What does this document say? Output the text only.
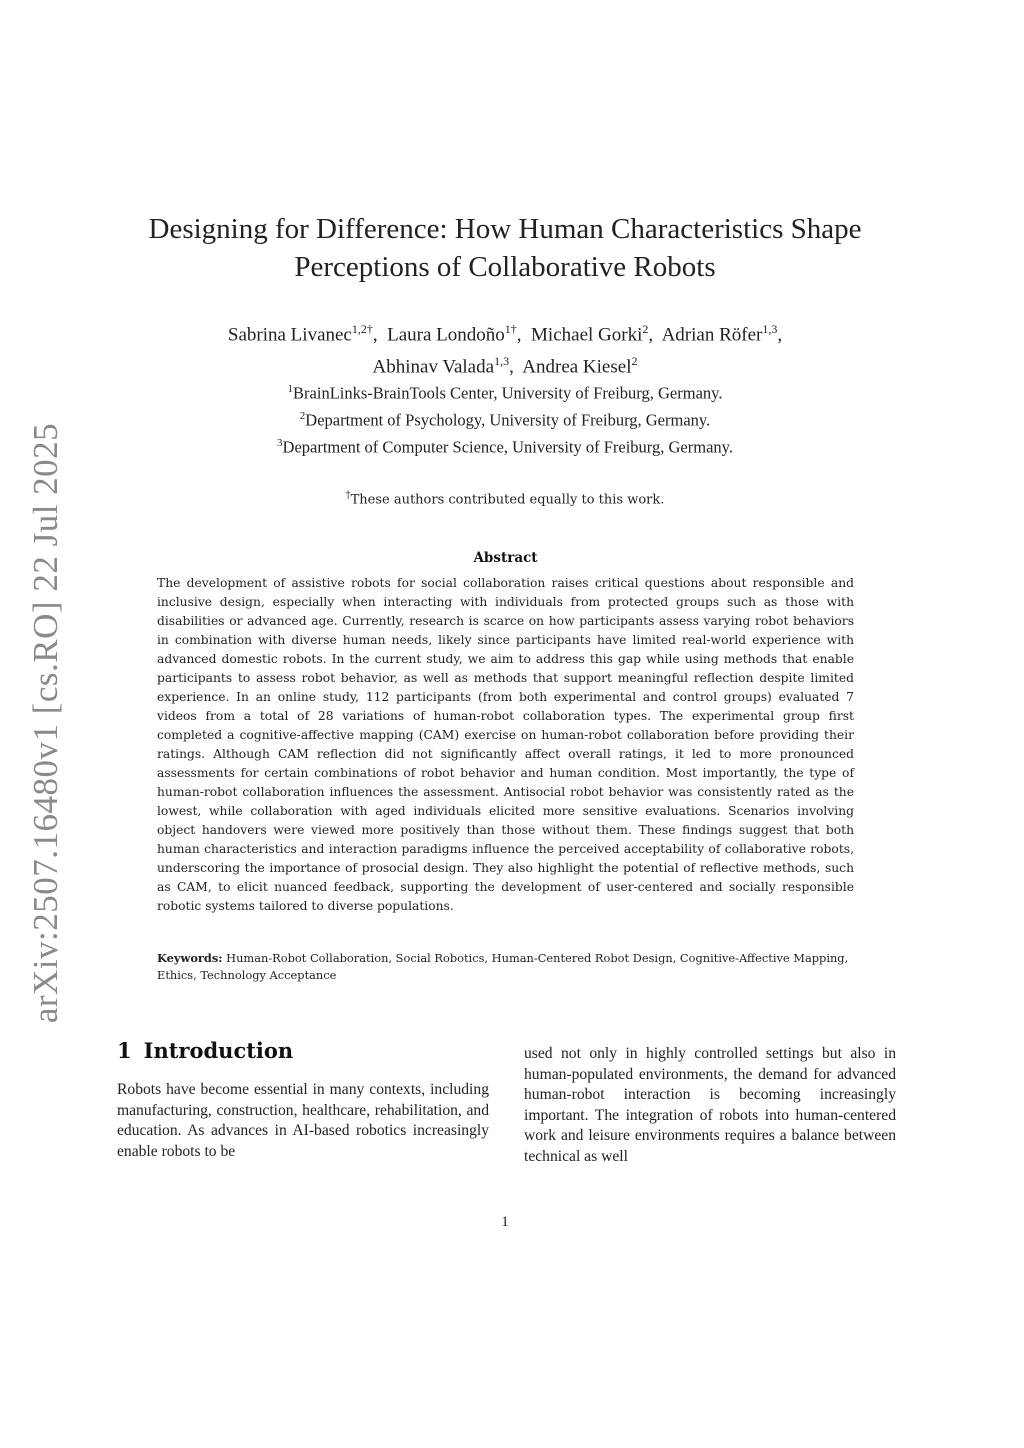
arXiv:2507.16480v1 [cs.RO] 22 Jul 2025
Designing for Difference: How Human Characteristics Shape
Perceptions of Collaborative Robots
Sabrina Livanec$^{1,2\dagger}$,  Laura Londoño$^{1\dagger}$,  Michael Gorki$^2$,  Adrian Röfer$^{1,3}$,
Abhinav Valada$^{1,3}$,  Andrea Kiesel$^2$
$^1$BrainLinks-BrainTools Center, University of Freiburg, Germany.
$^2$Department of Psychology, University of Freiburg, Germany.
$^3$Department of Computer Science, University of Freiburg, Germany.
†These authors contributed equally to this work.
Abstract

The development of assistive robots for social collaboration raises critical questions about responsible and inclusive design, especially when interacting with individuals from protected groups such as those with disabilities or advanced age. Currently, research is scarce on how participants assess varying robot behaviors in combination with diverse human needs, likely since participants have limited real-world experience with advanced domestic robots. In the current study, we aim to address this gap while using methods that enable participants to assess robot behavior, as well as methods that support meaningful reflection despite limited experience. In an online study, 112 participants (from both experimental and control groups) evaluated 7 videos from a total of 28 variations of human-robot collaboration types. The experimental group first completed a cognitive-affective mapping (CAM) exercise on human-robot collaboration before providing their ratings. Although CAM reflection did not significantly affect overall ratings, it led to more pronounced assessments for certain combinations of robot behavior and human condition. Most importantly, the type of human-robot collaboration influences the assessment. Antisocial robot behavior was consistently rated as the lowest, while collaboration with aged individuals elicited more sensitive evaluations. Scenarios involving object handovers were viewed more positively than those without them. These findings suggest that both human characteristics and interaction paradigms influence the perceived acceptability of collaborative robots, underscoring the importance of prosocial design. They also highlight the potential of reflective methods, such as CAM, to elicit nuanced feedback, supporting the development of user-centered and socially responsible robotic systems tailored to diverse populations.

Keywords: Human-Robot Collaboration, Social Robotics, Human-Centered Robot Design, Cognitive-Affective Mapping, Ethics, Technology Acceptance

1 Introduction

Robots have become essential in many contexts, including manufacturing, construction, healthcare, rehabilitation, and education. As advances in AI-based robotics increasingly enable robots to be

used not only in highly controlled settings but also in human-populated environments, the demand for advanced human-robot interaction is becoming increasingly important. The integration of robots into human-centered work and leisure environments requires a balance between technical as well

1
